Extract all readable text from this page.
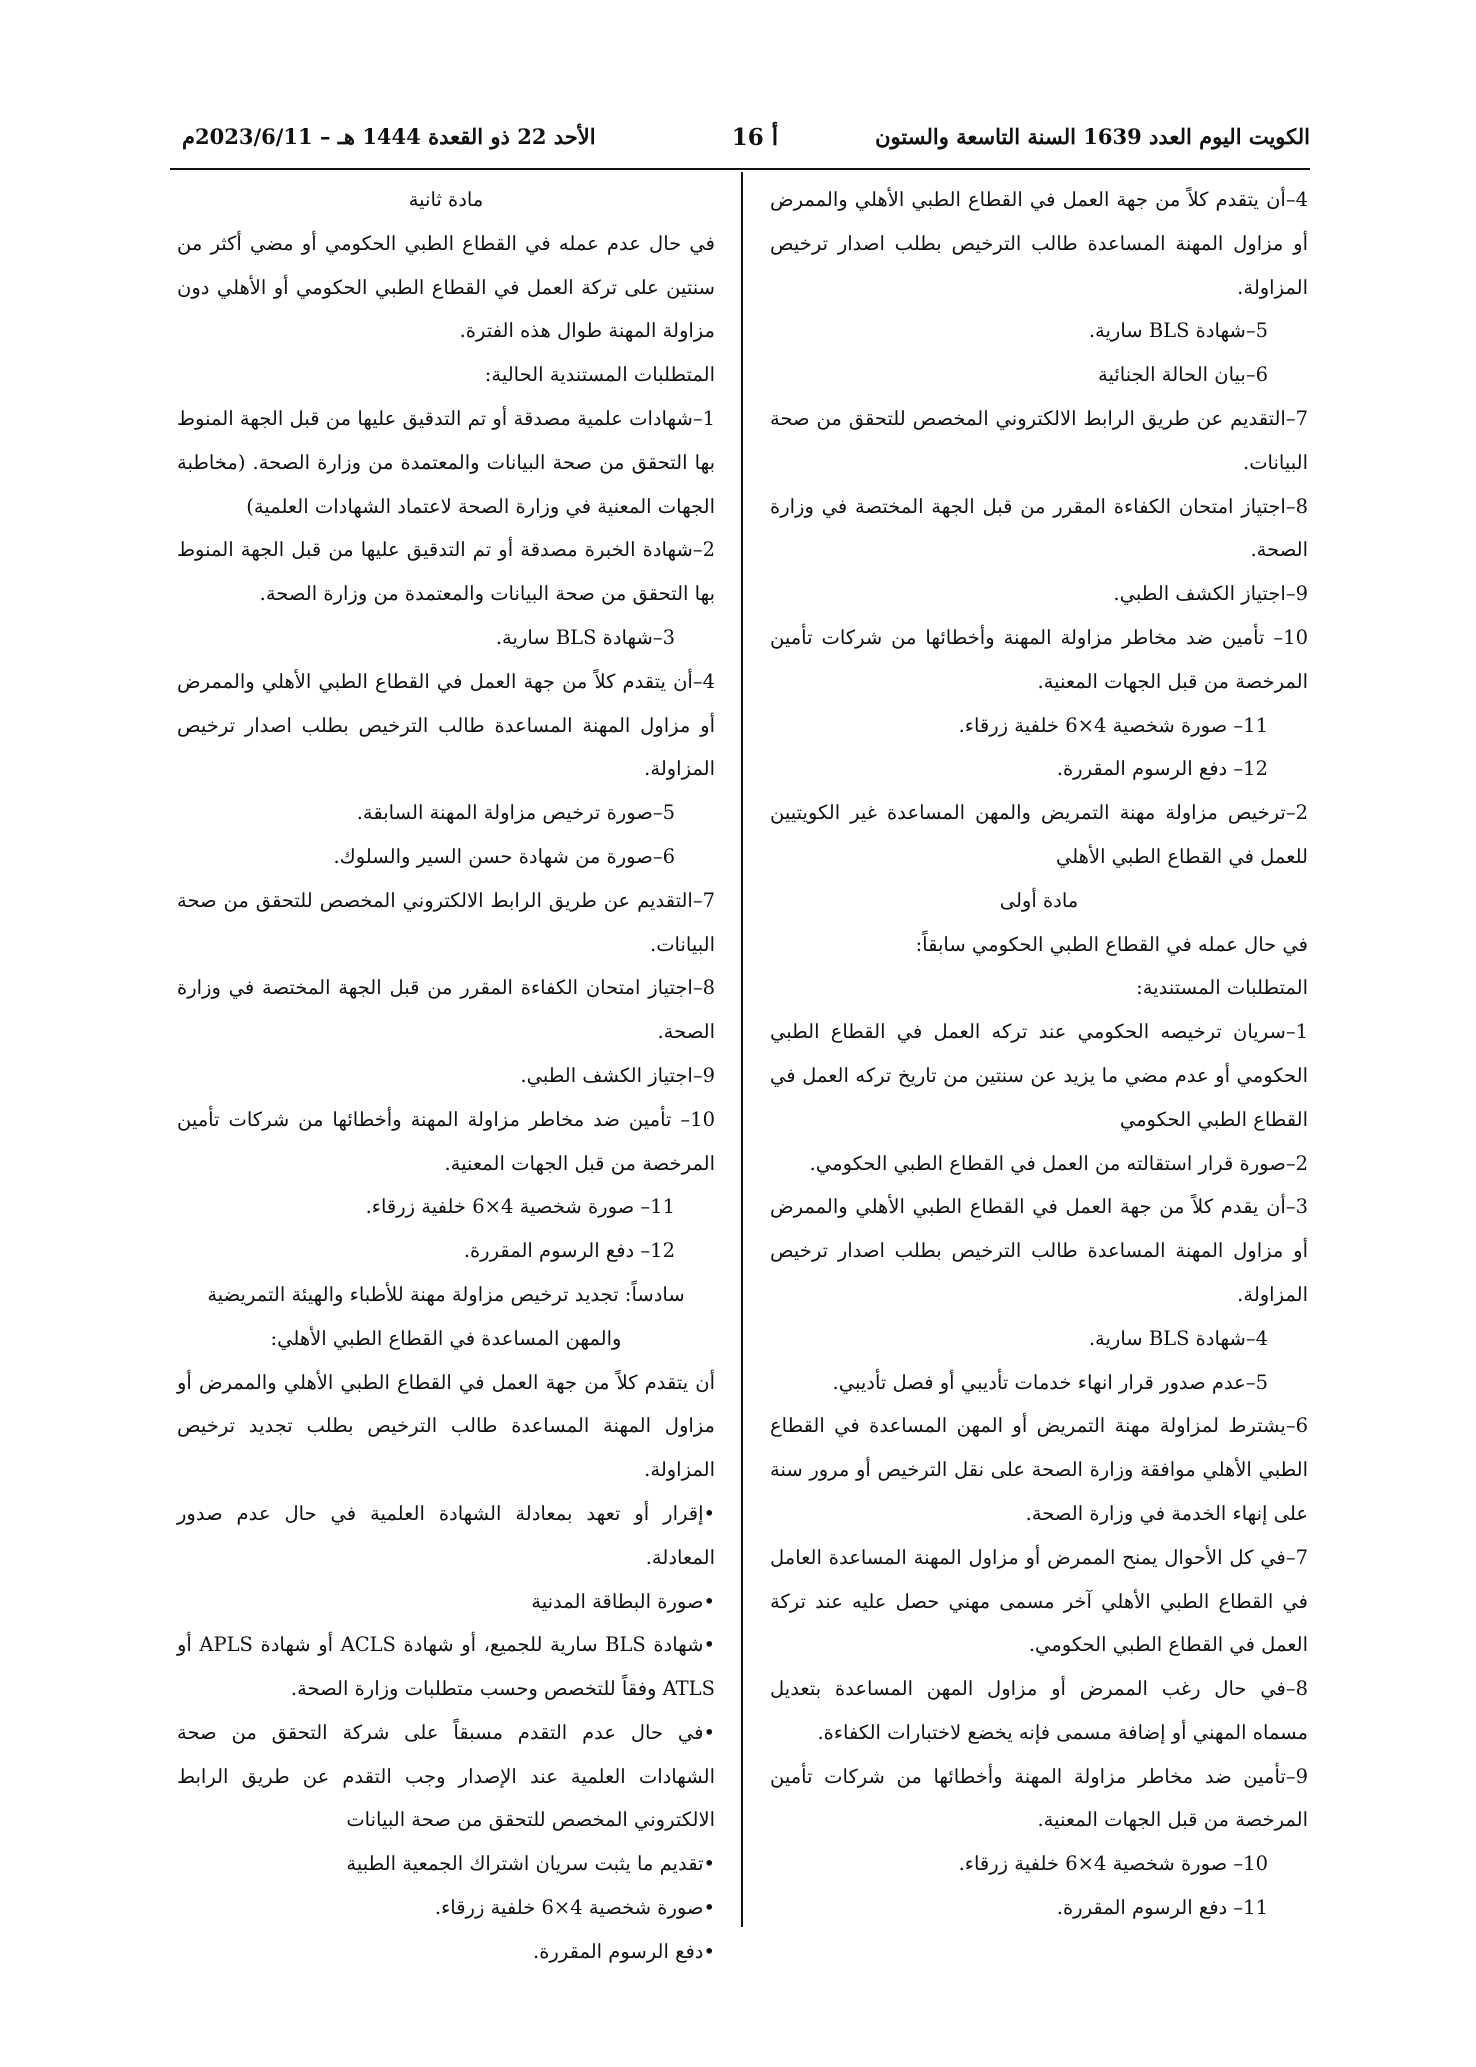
الكويت اليوم العدد 1639 السنة التاسعة والستون
أ 16
الأحد 22 ذو القعدة 1444 هـ – 2023/6/11م

4–أن يتقدم كلاً من جهة العمل في القطاع الطبي الأهلي والممرض أو مزاول المهنة المساعدة طالب الترخيص بطلب اصدار ترخيص المزاولة.

5–شهادة BLS سارية.

6–بيان الحالة الجنائية

7–التقديم عن طريق الرابط الالكتروني المخصص للتحقق من صحة البيانات.

8–اجتياز امتحان الكفاءة المقرر من قبل الجهة المختصة في وزارة الصحة.

9–اجتياز الكشف الطبي.

10– تأمين ضد مخاطر مزاولة المهنة وأخطائها من شركات تأمين المرخصة من قبل الجهات المعنية.

11– صورة شخصية 4×6 خلفية زرقاء.

12– دفع الرسوم المقررة.

2–ترخيص مزاولة مهنة التمريض والمهن المساعدة غير الكويتيين للعمل في القطاع الطبي الأهلي

مادة أولى

في حال عمله في القطاع الطبي الحكومي سابقاً:

المتطلبات المستندية:

1–سريان ترخيصه الحكومي عند تركه العمل في القطاع الطبي الحكومي أو عدم مضي ما يزيد عن سنتين من تاريخ تركه العمل في القطاع الطبي الحكومي

2–صورة قرار استقالته من العمل في القطاع الطبي الحكومي.

3–أن يقدم كلاً من جهة العمل في القطاع الطبي الأهلي والممرض أو مزاول المهنة المساعدة طالب الترخيص بطلب اصدار ترخيص المزاولة.

4–شهادة BLS سارية.

5–عدم صدور قرار انهاء خدمات تأديبي أو فصل تأديبي.

6–يشترط لمزاولة مهنة التمريض أو المهن المساعدة في القطاع الطبي الأهلي موافقة وزارة الصحة على نقل الترخيص أو مرور سنة على إنهاء الخدمة في وزارة الصحة.

7–في كل الأحوال يمنح الممرض أو مزاول المهنة المساعدة العامل في القطاع الطبي الأهلي آخر مسمى مهني حصل عليه عند تركة العمل في القطاع الطبي الحكومي.

8–في حال رغب الممرض أو مزاول المهن المساعدة بتعديل مسماه المهني أو إضافة مسمى فإنه يخضع لاختبارات الكفاءة.

9–تأمين ضد مخاطر مزاولة المهنة وأخطائها من شركات تأمين المرخصة من قبل الجهات المعنية.

10– صورة شخصية 4×6 خلفية زرقاء.

11– دفع الرسوم المقررة.

مادة ثانية

في حال عدم عمله في القطاع الطبي الحكومي أو مضي أكثر من سنتين على تركة العمل في القطاع الطبي الحكومي أو الأهلي دون مزاولة المهنة طوال هذه الفترة.

المتطلبات المستندية الحالية:

1–شهادات علمية مصدقة أو تم التدقيق عليها من قبل الجهة المنوط بها التحقق من صحة البيانات والمعتمدة من وزارة الصحة. (مخاطبة الجهات المعنية في وزارة الصحة لاعتماد الشهادات العلمية)

2–شهادة الخبرة مصدقة أو تم التدقيق عليها من قبل الجهة المنوط بها التحقق من صحة البيانات والمعتمدة من وزارة الصحة.

3–شهادة BLS سارية.

4–أن يتقدم كلاً من جهة العمل في القطاع الطبي الأهلي والممرض أو مزاول المهنة المساعدة طالب الترخيص بطلب اصدار ترخيص المزاولة.

5–صورة ترخيص مزاولة المهنة السابقة.

6–صورة من شهادة حسن السير والسلوك.

7–التقديم عن طريق الرابط الالكتروني المخصص للتحقق من صحة البيانات.

8–اجتياز امتحان الكفاءة المقرر من قبل الجهة المختصة في وزارة الصحة.

9–اجتياز الكشف الطبي.

10– تأمين ضد مخاطر مزاولة المهنة وأخطائها من شركات تأمين المرخصة من قبل الجهات المعنية.

11– صورة شخصية 4×6 خلفية زرقاء.

12– دفع الرسوم المقررة.

سادساً: تجديد ترخيص مزاولة مهنة للأطباء والهيئة التمريضية والمهن المساعدة في القطاع الطبي الأهلي:

أن يتقدم كلاً من جهة العمل في القطاع الطبي الأهلي والممرض أو مزاول المهنة المساعدة طالب الترخيص بطلب تجديد ترخيص المزاولة.

•إقرار أو تعهد بمعادلة الشهادة العلمية في حال عدم صدور المعادلة.

•صورة البطاقة المدنية

•شهادة BLS سارية للجميع، أو شهادة ACLS أو شهادة APLS أو ATLS وفقاً للتخصص وحسب متطلبات وزارة الصحة.

•في حال عدم التقدم مسبقاً على شركة التحقق من صحة الشهادات العلمية عند الإصدار وجب التقدم عن طريق الرابط الالكتروني المخصص للتحقق من صحة البيانات

•تقديم ما يثبت سريان اشتراك الجمعية الطبية

•صورة شخصية 4×6 خلفية زرقاء.

•دفع الرسوم المقررة.
